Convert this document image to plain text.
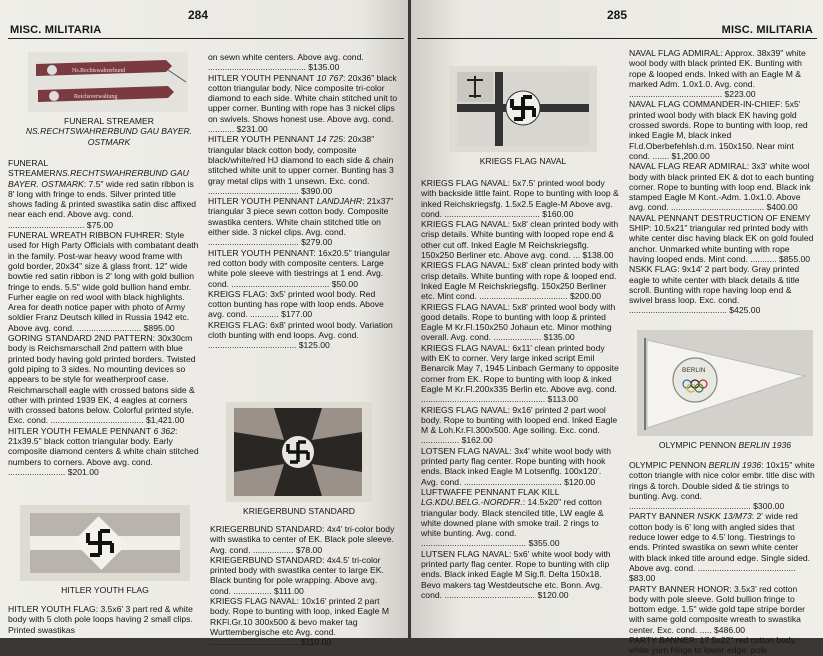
284
MISC. MILITARIA
Ns.Rechtswahrerbund
Reichsverwaltung
FUNERAL STREAMER
NS.RECHTSWAHRERBUND GAU BAYER. OSTMARK

FUNERAL STREAMERNS.RECHTSWAHRERBUND GAU BAYER. OSTMARK: 7.5" wide red satin ribbon is 8' long with fringe to ends. Silver printed title shows fading & printed swastika satin disc affixed near each end. Above avg. cond. ................................ $75.00

FUNERAL WREATH RIBBON FUHRER: Style used for High Party Officials with combatant death in the family. Post-war heavy wood frame with gold border, 20x34" size & glass front. 12" wide bowtie red satin ribbon is 2' long with gold bullion fringe to ends. 5.5" wide gold bullion hand embr. Furher eagle on red wool with black highlights. Area for death notice paper with photo of Army soldier Franz Deutsch killed in Russia 1942 etc. Above avg. cond. ........................... $895.00

GORING STANDARD 2ND PATTERN: 30x30cm body is Reichsmarschall 2nd pattern with blue printed body having gold printed borders. Twisted gold piping to 3 sides. No mounting devices so appears to be style for weatherproof case. Reichmarschall eagle with crossed batons side & other with printed 1939 EK, 4 eagles at corners with crossed batons below. Colorful printed style. Exc. cond. ....................................... $1,421.00

HITLER YOUTH FEMALE PENNANT 6 362: 21x39.5" black cotton triangular body. Early composite diamond centers & white chain stitched numbers to corners. Above avg. cond. ........................ $201.00

HITLER YOUTH FLAG

HITLER YOUTH FLAG: 3.5x6' 3 part red & white body with 5 cloth pole loops having 2 small clips. Printed swastikas

on sewn white centers. Above avg. cond. ......................................... $135.00

HITLER YOUTH PENNANT 10 767: 20x36" black cotton triangular body. Nice composite tri-color diamond to each side. White chain stitched unit to upper corner. Bunting with rope has 3 nickel clips on swivels. Shows honest use. Above avg. cond. ........... $231.00

HITLER YOUTH PENNANT 14 725: 20x38" triangular black cotton body, composite black/white/red HJ diamond to each side & chain stitched white unit to upper corner. Bunting has 3 gray metal clips with 1 unsewn. Exc. cond. ...................................... $390.00

HITLER YOUTH PENNANT LANDJAHR: 21x37" triangular 3 piece sewn cotton body. Composite swastika centers. White chain stitched title on either side. 3 nickel clips. Avg. cond. ...................................... $279.00

HITLER YOUTH PENNANT: 16x20.5" triangular red cotton body with composite centers. Large white pole sleeve with tiestrings at 1 end. Avg. cond. ......................................... $50.00

KREIGS FLAG: 3x5' printed wool body. Red cotton bunting has rope with loop ends. Above avg. cond. ............ $177.00

KREIGS FLAG: 6x8' printed wool body. Variation cloth bunting with end loops. Avg. cond. ..................................... $125.00

KRIEGERBUND STANDARD

KRIEGERBUND STANDARD: 4x4' tri-color body with swastika to center of EK. Black pole sleeve. Avg. cond. ................. $78.00

KRIEGERBUND STANDARD: 4x4.5' tri-color printed body with swastika center to large EK. Black bunting for pole wrapping. Above avg. cond. ................ $111.00

KRIEGS FLAG NAVAL: 10x16' printed 2 part body. Rope to bunting with loop, inked Eagle M RKFl.Gr.10 300x500 & bevo maker tag Wurttembergische etc Avg. cond. ..................................... $110.00

285
MISC. MILITARIA
KRIEGS FLAG NAVAL

KRIEGS FLAG NAVAL: 5x7.5' printed wool body with backside little faint. Rope to bunting with loop & inked Reichskriegsfg. 1.5x2.5 Eagle-M Above avg. cond. ........................................ $160.00

KRIEGS FLAG NAVAL: 5x8' clean printed body with crisp details. White bunting with looped rope end & other cut off. Inked Eagle M Reichskriegsflg. 150x250 Berliner etc. Above avg. cond. ... $138.00

KRIEGS FLAG NAVAL: 5x8' clean printed body with crisp details. White bunting with rope & looped end. Inked Eagle M Reichskriegsflg. 150x250 Berliner etc. Mint cond. ..................................... $200.00

KRIEGS FLAG NAVAL: 5x8' printed wool body with good details. Rope to bunting with loop & printed Eagle M Kr.Fl.150x250 Johaun etc. Minor mothing overall. Avg. cond. .................... $135.00

KRIEGS FLAG NAVAL: 6x11' clean printed body with EK to corner. Very large inked script Emil Benarcik May 7, 1945 Linbach Germany to opposite corner from EK. Rope to bunting with loop & inked Eagle M Kr.Fl.200x335 Berlin etc. Above avg. cond. .................................................... $113.00

KRIEGS FLAG NAVAL: 9x16' printed 2 part wool body. Rope to bunting with looped end. Inked Eagle M & Loh.Kr.Fl.300x500. Age soiling. Exc. cond. ................ $162.00

LOTSEN FLAG NAVAL: 3x4' white wool body with printed party flag center. Rope bunting with hook ends. Black inked Eagle M Lotsenflg. 100x120'. Avg. cond. ......................................... $120.00

LUFTWAFFE PENNANT FLAK KILL LG.KDU.BELG.-NORDFR.: 14.5x20" red cotton triangular body. Black stenciled title, LW eagle & white downed plane with smoke trail. 2 rings to white bunting. Avg. cond. ............................................ $355.00

LUTSEN FLAG NAVAL: 5x6' white wool body with printed party flag center. Rope to bunting with clip ends. Black inked Eagle M Sig.fl. Delta 150x18. Bevo makers tag Westdeutsche etc. Bonn. Avg. cond. ...................................... $120.00

NAVAL FLAG ADMIRAL: Approx. 38x39" white wool body with black printed EK. Bunting with rope & looped ends. Inked with an Eagle M & marked Adm. 1.0x1.0. Avg. cond. ....................................... $223.00

NAVAL FLAG COMMANDER-IN-CHIEF: 5x5' printed wool body with black EK having gold crossed swords. Rope to bunting with loop, red inked Eagle M, black inked Fl.d.Oberbefehlsh.d.m. 150x150. Near mint cond. ....... $1,200.00

NAVAL FLAG REAR ADMIRAL: 3x3' white wool body with black printed EK & dot to each bunting corner. Rope to bunting with loop end. Black ink stamped Eagle M Kont.-Adm. 1.0x1.0. Above avg. cond. ....................................... $400.00

NAVAL PENNANT DESTRUCTION OF ENEMY SHIP: 10.5x21" triangular red printed body with white center disc having black EK on gold fouled anchor. Unmarked white bunting with rope having looped ends. Mint cond. ........... $855.00

NSKK FLAG: 9x14' 2 part body. Gray printed eagle to white center with black details & title scroll. Bunting with rope having loop end & swivel brass loop. Exc. cond. ......................................... $425.00

BERLIN
OLYMPIC PENNON BERLIN 1936

OLYMPIC PENNON BERLIN 1936: 10x15" white cotton triangle with nice color embr. title disc with rings & torch. Double sided & tie strings to bunting. Avg. cond. ................................................... $300.00

PARTY BANNER NSKK 13/M73: 2' wide red cotton body is 6' long with angled sides that reduce lower edge to 4.5' long. Tiestrings to ends. Printed swastika on sewn white center with black inked title around edge. Single sided. Above avg. cond. ......................................... $83.00

PARTY BANNER HONOR: 3.5x3' red cotton body with pole sleeve. Gold bullion fringe to bottom edge. 1.5" wide gold tape stripe border with same gold composite wreath to swastika center. Exc. cond. ..... $486.00

PARTY BANNER: 17.5x22" red cotton body, white yarn fringe to lower edge, pole
